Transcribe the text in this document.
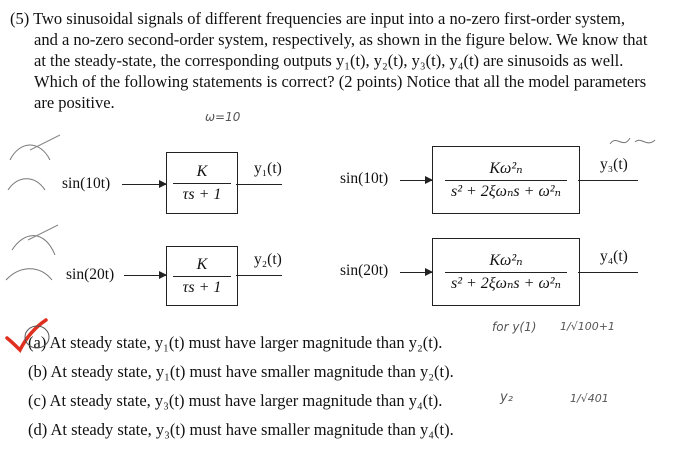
(5) Two sinusoidal signals of different frequencies are input into a no-zero first-order system,
and a no-zero second-order system, respectively, as shown in the figure below. We know that
at the steady-state, the corresponding outputs y₁(t), y₂(t), y₃(t), y₄(t) are sinusoids as well.
Which of the following statements is correct? (2 points) Notice that all the model parameters
are positive.
sin(10t)
K
τs + 1
y₁(t)
sin(20t)
K
τs + 1
y₂(t)
sin(10t)
Kω²ₙ
s² + 2ξωₙs + ω²ₙ
y₃(t)
sin(20t)
Kω²ₙ
s² + 2ξωₙs + ω²ₙ
y₄(t)
(a) At steady state, y₁(t) must have larger magnitude than y₂(t).
(b) At steady state, y₁(t) must have smaller magnitude than y₂(t).
(c) At steady state, y₃(t) must have larger magnitude than y₄(t).
(d) At steady state, y₃(t) must have smaller magnitude than y₄(t).
ω=10
for y(1)
y₂
1/√100+1
1/√401
